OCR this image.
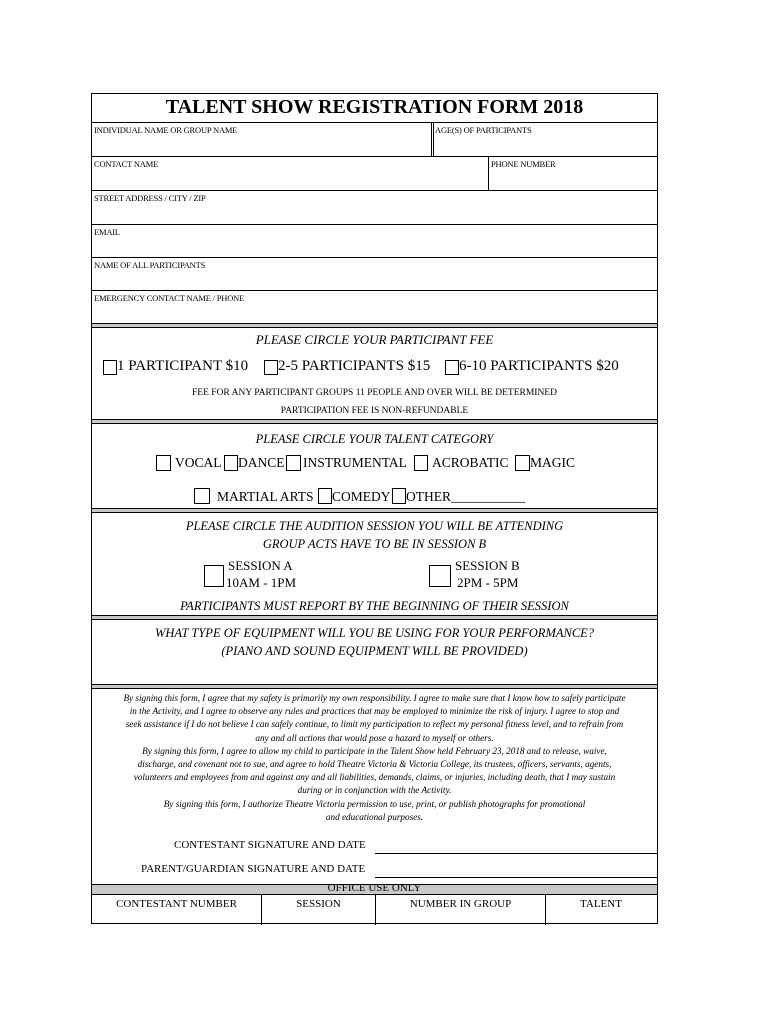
TALENT SHOW REGISTRATION FORM 2018
INDIVIDUAL NAME OR GROUP NAME	AGE(S) OF PARTICIPANTS
CONTACT NAME	PHONE NUMBER
STREET ADDRESS / CITY / ZIP
EMAIL
NAME OF ALL PARTICIPANTS
EMERGENCY CONTACT NAME / PHONE
PLEASE CIRCLE YOUR PARTICIPANT FEE
1 PARTICIPANT $10 2-5 PARTICIPANTS $15 6-10 PARTICIPANTS $20
FEE FOR ANY PARTICIPANT GROUPS 11 PEOPLE AND OVER WILL BE DETERMINED
PARTICIPATION FEE IS NON-REFUNDABLE
PLEASE CIRCLE YOUR TALENT CATEGORY
VOCAL DANCE INSTRUMENTAL ACROBATIC MAGIC
MARTIAL ARTS COMEDY OTHER___________
PLEASE CIRCLE THE AUDITION SESSION YOU WILL BE ATTENDING
GROUP ACTS HAVE TO BE IN SESSION B
SESSION A
10AM - 1PM
SESSION B
2PM - 5PM
PARTICIPANTS MUST REPORT BY THE BEGINNING OF THEIR SESSION
WHAT TYPE OF EQUIPMENT WILL YOU BE USING FOR YOUR PERFORMANCE?
(PIANO AND SOUND EQUIPMENT WILL BE PROVIDED)
By signing this form, I agree that my safety is primarily my own responsibility. I agree to make sure that I know how to safely participate
in the Activity, and I agree to observe any rules and practices that may be employed to minimize the risk of injury. I agree to stop and
seek assistance if I do not believe I can safely continue, to limit my participation to reflect my personal fitness level, and to refrain from
any and all actions that would pose a hazard to myself or others.
By signing this form, I agree to allow my child to participate in the Talent Show held February 23, 2018 and to release, waive,
discharge, and covenant not to sue, and agree to hold Theatre Victoria & Victoria College, its trustees, officers, servants, agents,
volunteers and employees from and against any and all liabilities, demands, claims, or injuries, including death, that I may sustain
during or in conjunction with the Activity.
By signing this form, I authorize Theatre Victoria permission to use, print, or publish photographs for promotional
and educational purposes.
CONTESTANT SIGNATURE AND DATE
PARENT/GUARDIAN SIGNATURE AND DATE
OFFICE USE ONLY
CONTESTANT NUMBER	SESSION	NUMBER IN GROUP	TALENT
